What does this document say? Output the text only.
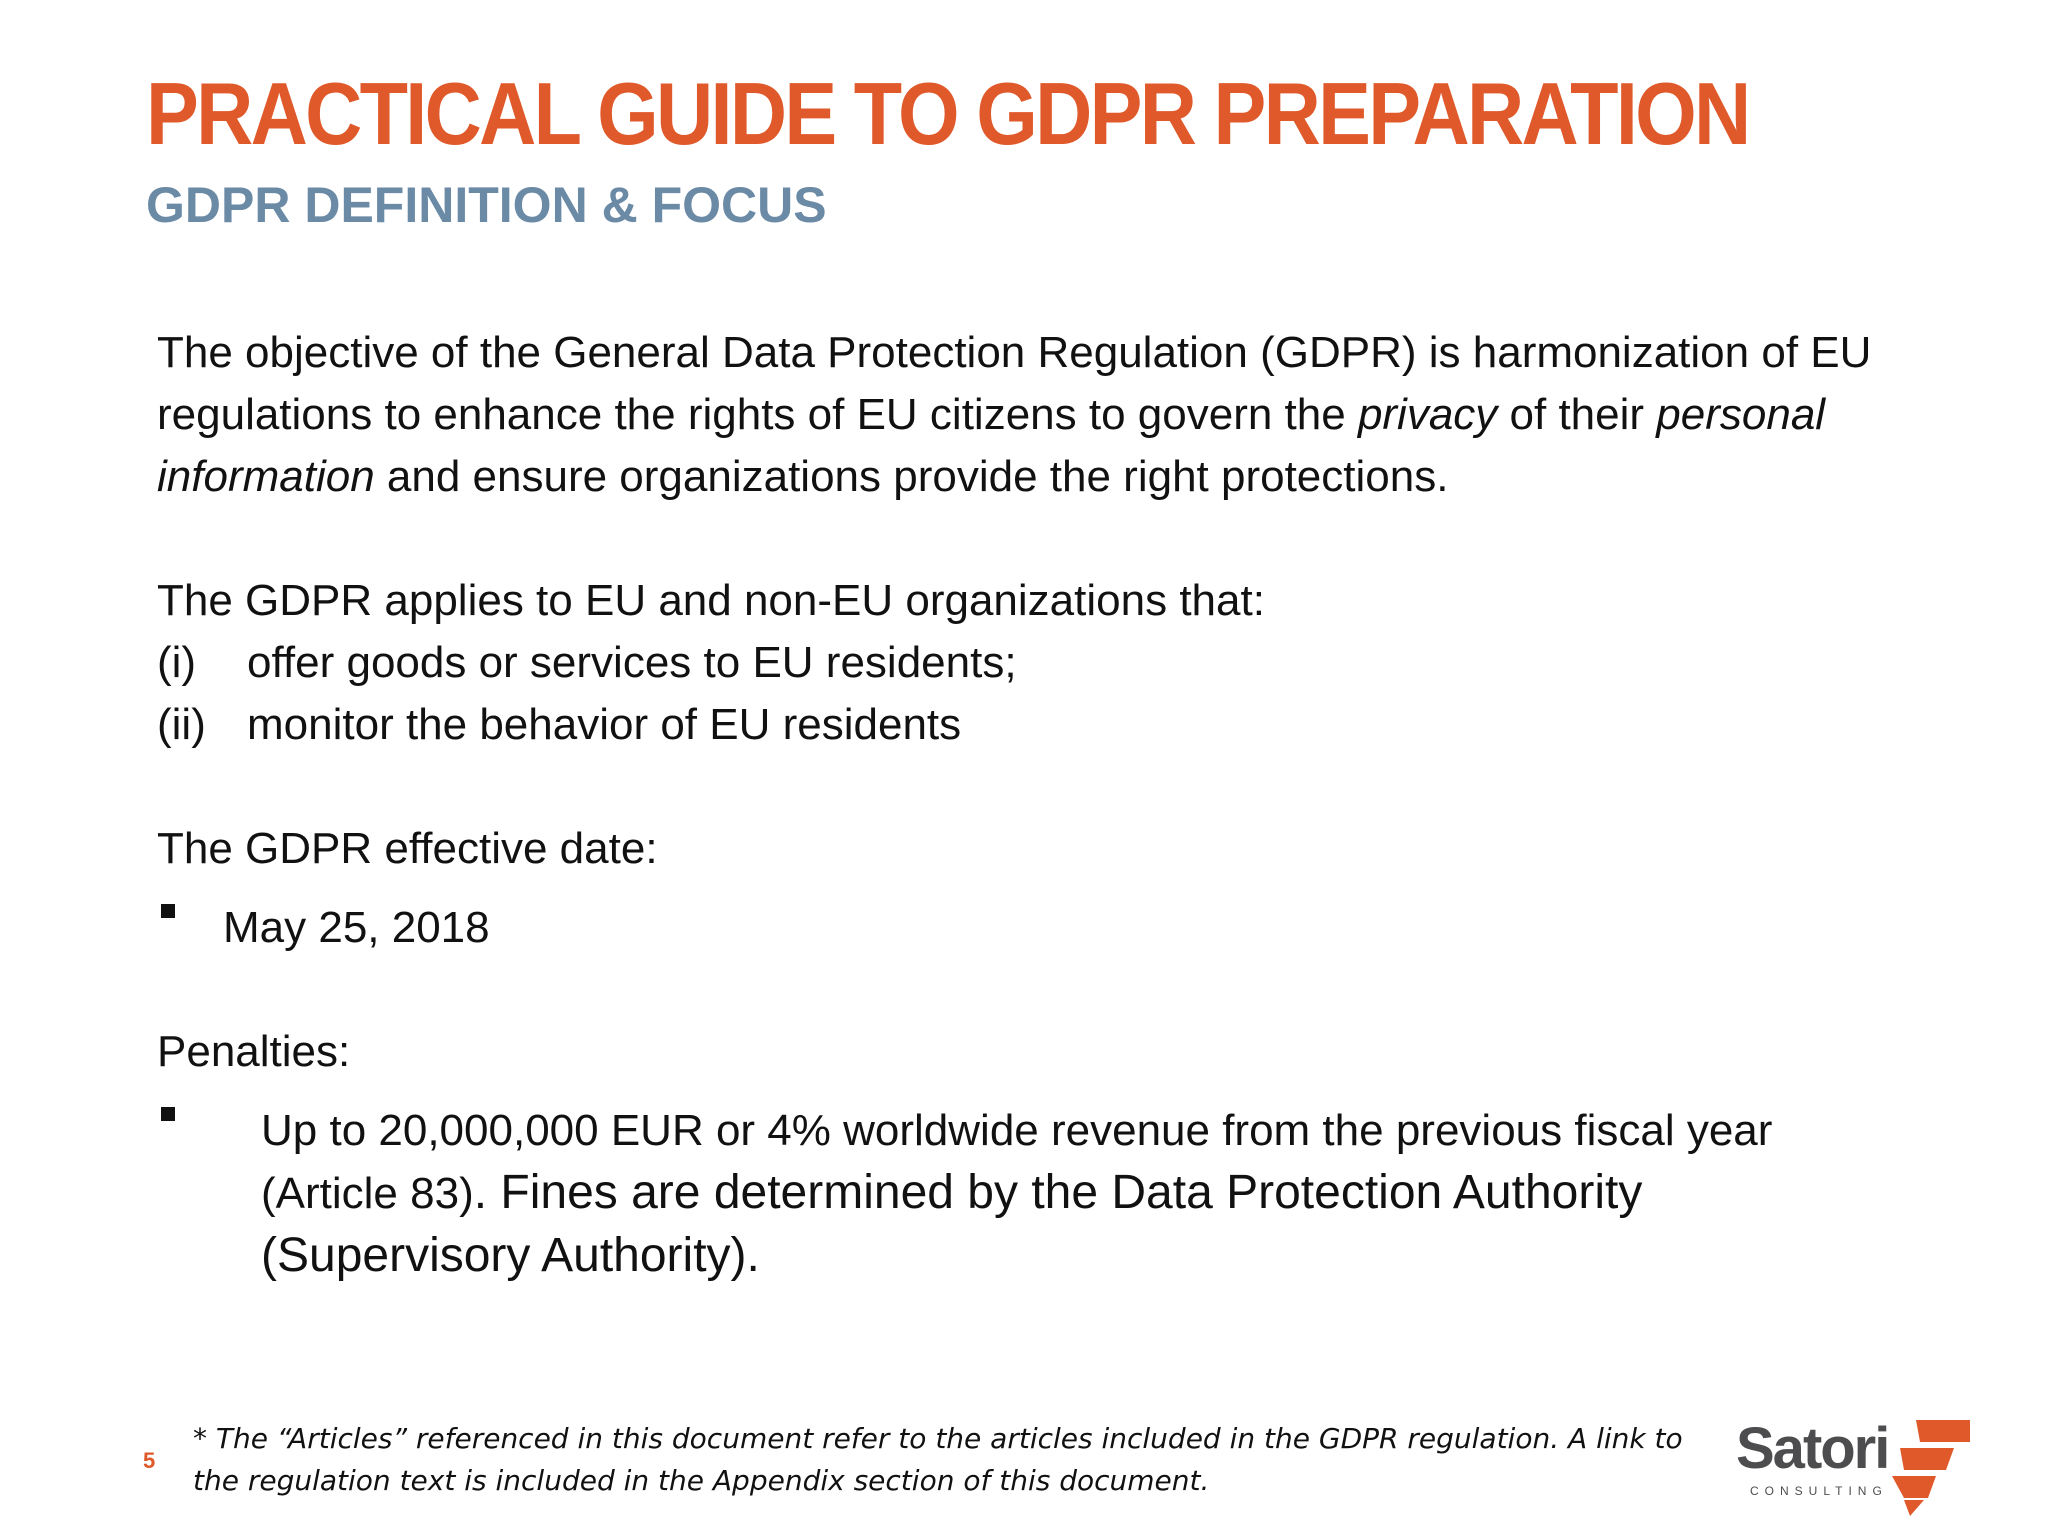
PRACTICAL GUIDE TO GDPR PREPARATION
GDPR DEFINITION & FOCUS

The objective of the General Data Protection Regulation (GDPR) is harmonization of EU regulations to enhance the rights of EU citizens to govern the privacy of their personal information and ensure organizations provide the right protections.

The GDPR applies to EU and non-EU organizations that:

(i)	offer goods or services to EU residents;
(ii) monitor the behavior of EU residents

The GDPR effective date:

May 25, 2018

Penalties:

Up to 20,000,000 EUR or 4% worldwide revenue from the previous fiscal year (Article 83). Fines are determined by the Data Protection Authority (Supervisory Authority).
5

* The “Articles” referenced in this document refer to the articles included in the GDPR regulation. A link to the regulation text is included in the Appendix section of this document.	Satori
CONSULTING
